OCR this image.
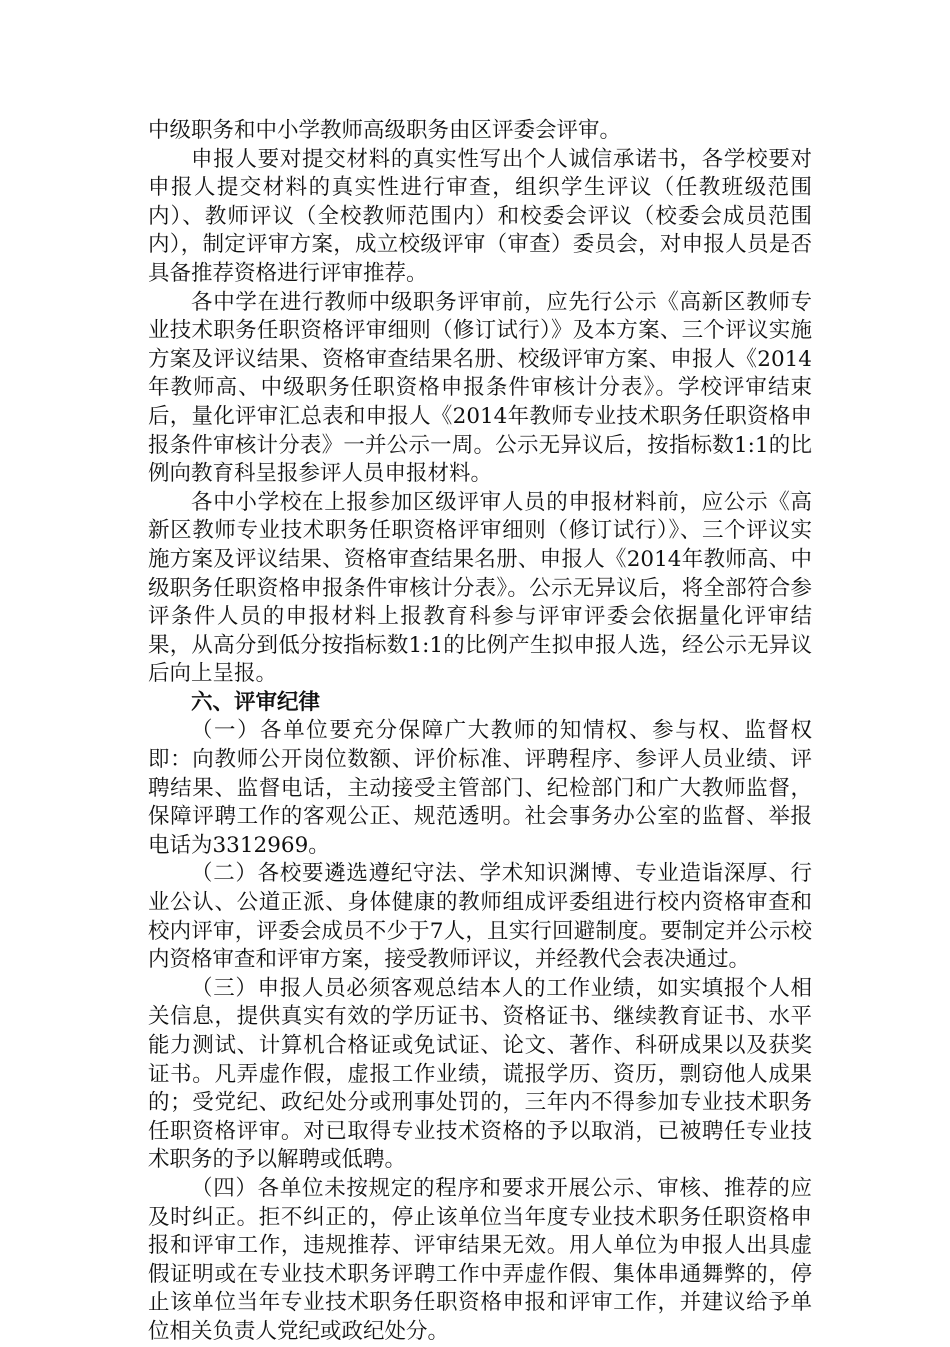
中级职务和中小学教师高级职务由区评委会评审。

申报人要对提交材料的真实性写出个人诚信承诺书，各学校要对申报人提交材料的真实性进行审查，组织学生评议（任教班级范围内）、教师评议（全校教师范围内）和校委会评议（校委会成员范围内），制定评审方案，成立校级评审（审查）委员会，对申报人员是否具备推荐资格进行评审推荐。

各中学在进行教师中级职务评审前，应先行公示《高新区教师专业技术职务任职资格评审细则（修订试行）》及本方案、三个评议实施方案及评议结果、资格审查结果名册、校级评审方案、申报人《2014年教师高、中级职务任职资格申报条件审核计分表》。学校评审结束后，量化评审汇总表和申报人《2014年教师专业技术职务任职资格申报条件审核计分表》一并公示一周。公示无异议后，按指标数1:1的比例向教育科呈报参评人员申报材料。

各中小学校在上报参加区级评审人员的申报材料前，应公示《高新区教师专业技术职务任职资格评审细则（修订试行）》、三个评议实施方案及评议结果、资格审查结果名册、申报人《2014年教师高、中级职务任职资格申报条件审核计分表》。公示无异议后，将全部符合参评条件人员的申报材料上报教育科参与评审评委会依据量化评审结果，从高分到低分按指标数1:1的比例产生拟申报人选，经公示无异议后向上呈报。

六、评审纪律

（一）各单位要充分保障广大教师的知情权、参与权、监督权即：向教师公开岗位数额、评价标准、评聘程序、参评人员业绩、评聘结果、监督电话，主动接受主管部门、纪检部门和广大教师监督，保障评聘工作的客观公正、规范透明。社会事务办公室的监督、举报电话为3312969。

（二）各校要遴选遵纪守法、学术知识渊博、专业造诣深厚、行业公认、公道正派、身体健康的教师组成评委组进行校内资格审查和校内评审，评委会成员不少于7人，且实行回避制度。要制定并公示校内资格审查和评审方案，接受教师评议，并经教代会表决通过。

（三）申报人员必须客观总结本人的工作业绩，如实填报个人相关信息，提供真实有效的学历证书、资格证书、继续教育证书、水平能力测试、计算机合格证或免试证、论文、著作、科研成果以及获奖证书。凡弄虚作假，虚报工作业绩，谎报学历、资历，剽窃他人成果的；受党纪、政纪处分或刑事处罚的，三年内不得参加专业技术职务任职资格评审。对已取得专业技术资格的予以取消，已被聘任专业技术职务的予以解聘或低聘。

（四）各单位未按规定的程序和要求开展公示、审核、推荐的应及时纠正。拒不纠正的，停止该单位当年度专业技术职务任职资格申报和评审工作，违规推荐、评审结果无效。用人单位为申报人出具虚假证明或在专业技术职务评聘工作中弄虚作假、集体串通舞弊的，停止该单位当年专业技术职务任职资格申报和评审工作，并建议给予单位相关负责人党纪或政纪处分。
